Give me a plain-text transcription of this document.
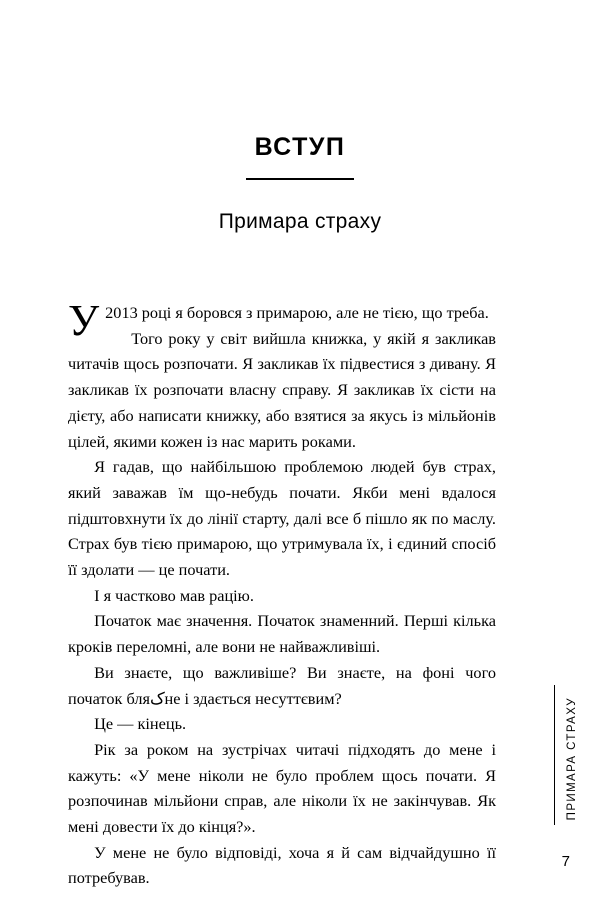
ВСТУП
Примара страху

У 2013 році я боровся з примарою, але не тією, що треба.

Того року у світ вийшла книжка, у якій я закликав читачів щось розпочати. Я закликав їх підвестися з дивану. Я закликав їх розпочати власну справу. Я закликав їх сісти на дієту, або написати книжку, або взятися за якусь із мільйонів цілей, якими кожен із нас марить роками.

Я гадав, що найбільшою проблемою людей був страх, який заважав їм що-небудь почати. Якби мені вдалося підштовхнути їх до лінії старту, далі все б пішло як по маслу. Страх був тією примарою, що утримувала їх, і єдиний спосіб її здолати — це почати.

І я частково мав рацію.

Початок має значення. Початок знаменний. Перші кілька кроків переломні, але вони не найважливіші.

Ви знаєте, що важливіше? Ви знаєте, на фоні чого початок бляکне і здається несуттєвим?

Це — кінець.

Рік за роком на зустрічах читачі підходять до мене і кажуть: «У мене ніколи не було проблем щось почати. Я розпочинав мільйони справ, але ніколи їх не закінчував. Як мені довести їх до кінця?».

У мене не було відповіді, хоча я й сам відчайдушно її потребував.

ПРИМАРА СТРАХУ
7
